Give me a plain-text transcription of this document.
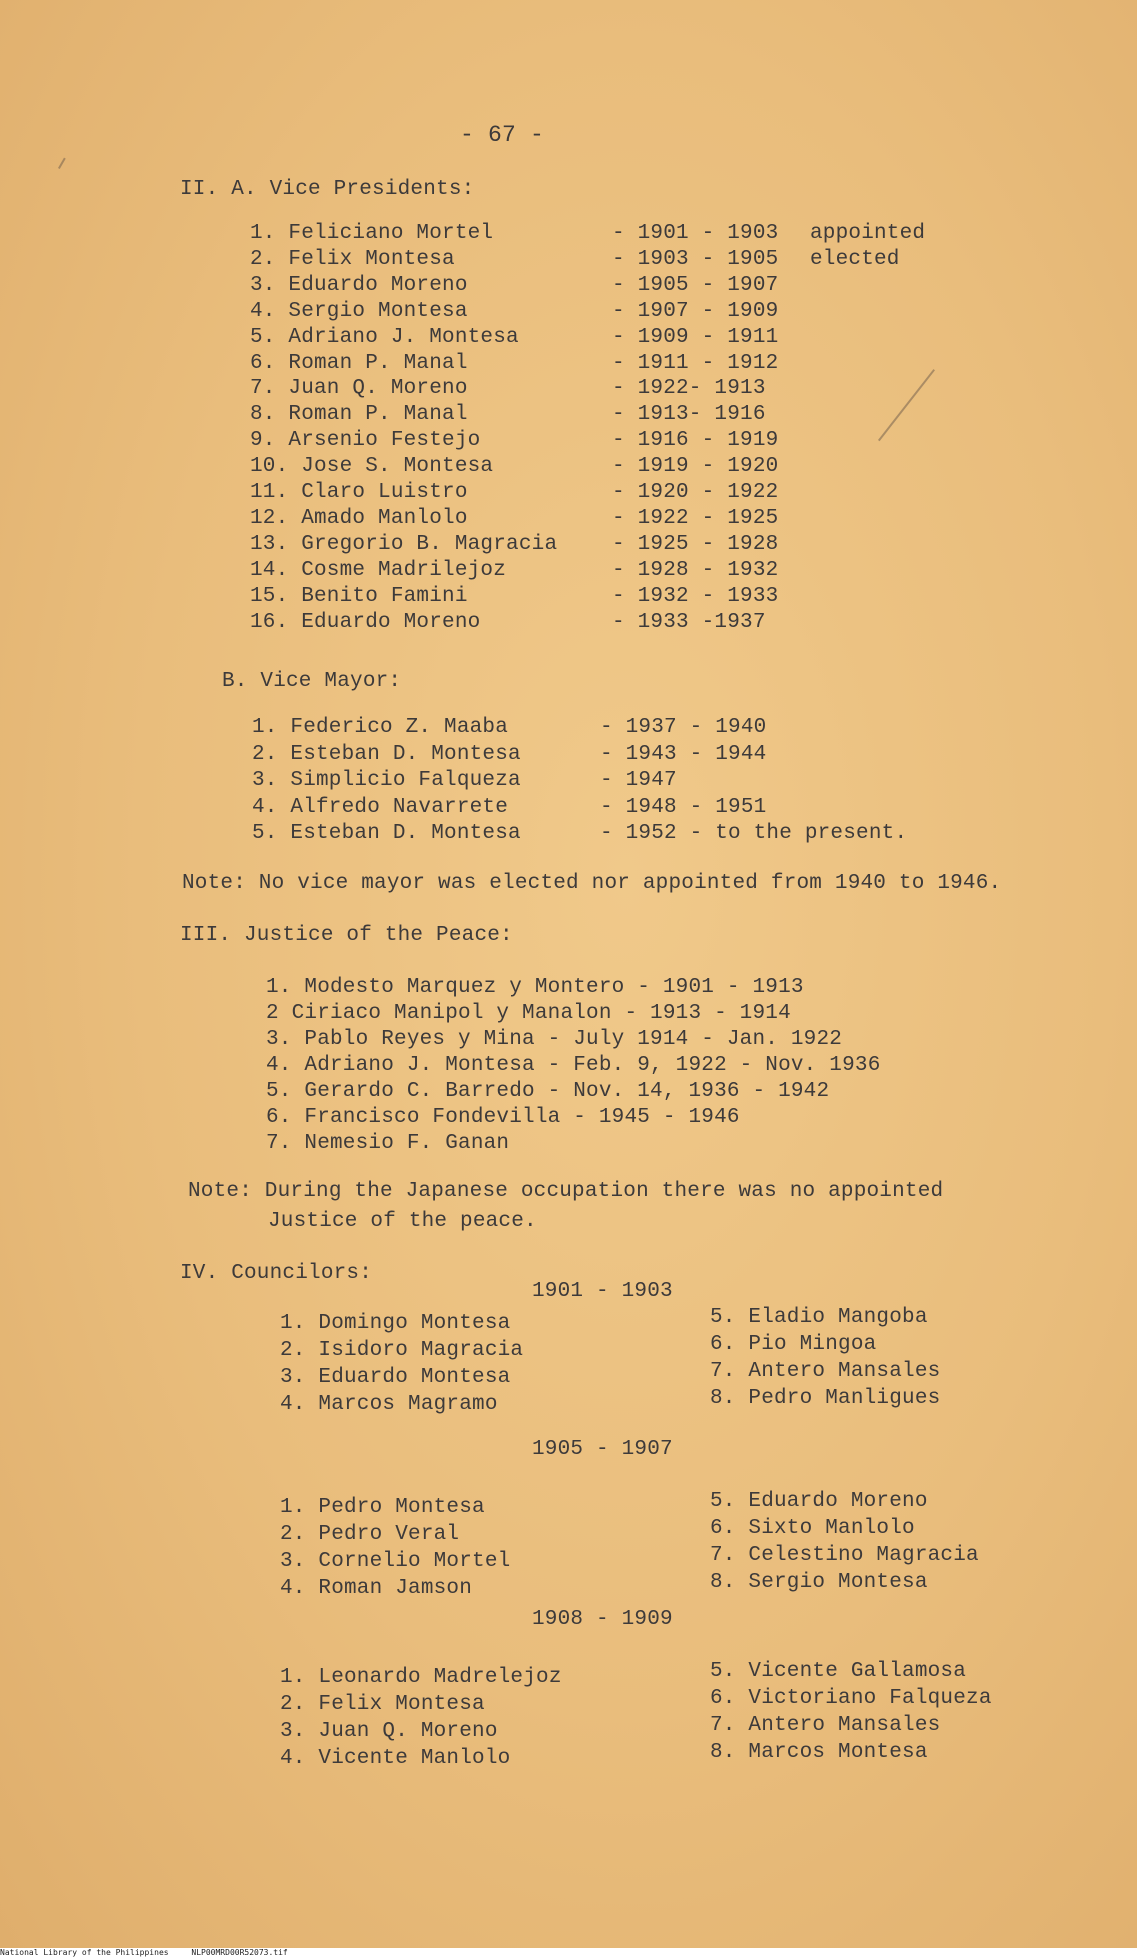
- 67 -
II. A. Vice Presidents:
1. Feliciano Mortel	- 1901 - 1903 appointed
2. Felix Montesa	- 1903 - 1905 elected
3. Eduardo Moreno	- 1905 - 1907
4. Sergio Montesa	- 1907 - 1909
5. Adriano J. Montesa	- 1909 - 1911
6. Roman P. Manal	- 1911 - 1912
7. Juan Q. Moreno	- 1922- 1913
8. Roman P. Manal	- 1913- 1916
9. Arsenio Festejo	- 1916 - 1919
10. Jose S. Montesa	- 1919 - 1920
11. Claro Luistro	- 1920 - 1922
12. Amado Manlolo	- 1922 - 1925
13. Gregorio B. Magracia	- 1925 - 1928
14. Cosme Madrilejoz	- 1928 - 1932
15. Benito Famini	- 1932 - 1933
16. Eduardo Moreno	- 1933 -1937
B. Vice Mayor:
1. Federico Z. Maaba	- 1937 - 1940
2. Esteban D. Montesa	- 1943 - 1944
3. Simplicio Falqueza	- 1947
4. Alfredo Navarrete	- 1948 - 1951
5. Esteban D. Montesa	- 1952 - to the present.
Note: No vice mayor was elected nor appointed from 1940 to 1946.
III. Justice of the Peace:
1. Modesto Marquez y Montero - 1901 - 1913
2 Ciriaco Manipol y Manalon - 1913 - 1914
3. Pablo Reyes y Mina - July 1914 - Jan. 1922
4. Adriano J. Montesa - Feb. 9, 1922 - Nov. 1936
5. Gerardo C. Barredo - Nov. 14, 1936 - 1942
6. Francisco Fondevilla - 1945 - 1946
7. Nemesio F. Ganan
Note: During the Japanese occupation there was no appointed
Justice of the peace.
IV. Councilors:
1901 - 1903
1. Domingo Montesa
2. Isidoro Magracia
3. Eduardo Montesa
4. Marcos Magramo
5. Eladio Mangoba
6. Pio Mingoa
7. Antero Mansales
8. Pedro Manligues
1905 - 1907
1. Pedro Montesa
2. Pedro Veral
3. Cornelio Mortel
4. Roman Jamson
5. Eduardo Moreno
6. Sixto Manlolo
7. Celestino Magracia
8. Sergio Montesa
1908 - 1909
1. Leonardo Madrelejoz
2. Felix Montesa
3. Juan Q. Moreno
4. Vicente Manlolo
5. Vicente Gallamosa
6. Victoriano Falqueza
7. Antero Mansales
8. Marcos Montesa
National Library of the Philippines	NLP00MRD00R52073.tif
